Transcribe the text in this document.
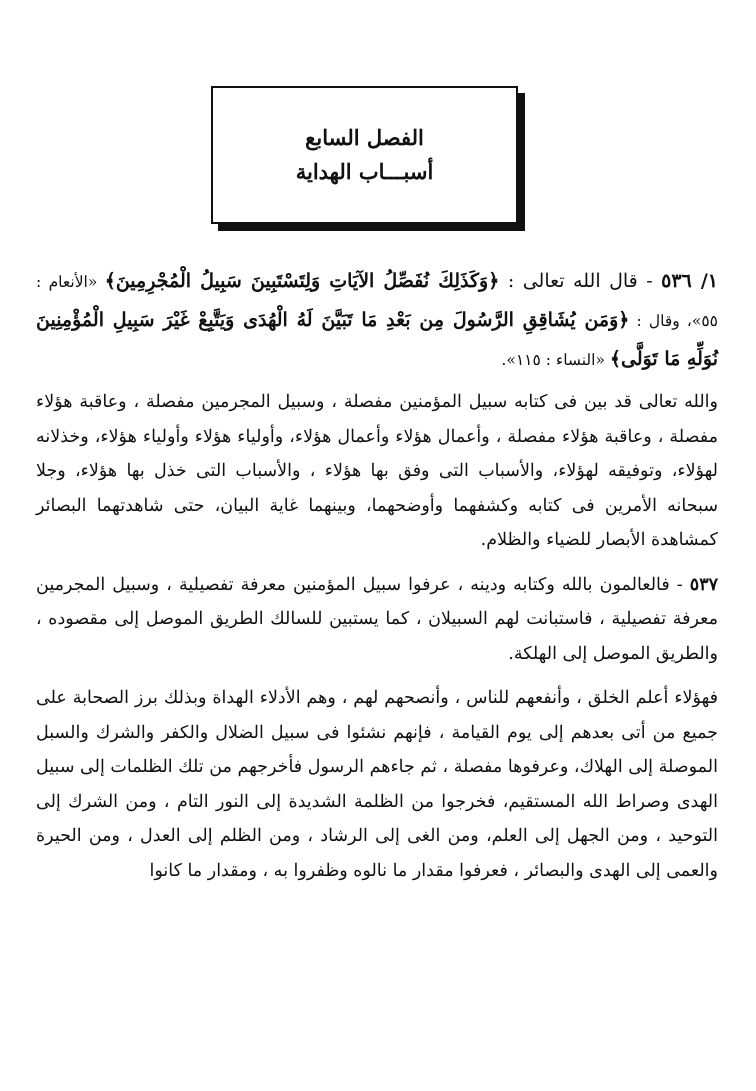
الفصل السابع
أسبـــاب الهداية

١/ ٥٣٦ - قال الله تعالى : ﴿وَكَذَلِكَ نُفَصِّلُ الآيَاتِ وَلِتَسْتَبِينَ سَبِيلُ الْمُجْرِمِينَ﴾ «الأنعام : ٥٥»، وقال : ﴿وَمَن يُشَاقِقِ الرَّسُولَ مِن بَعْدِ مَا تَبَيَّنَ لَهُ الْهُدَى وَيَتَّبِعْ غَيْرَ سَبِيلِ الْمُؤْمِنِينَ نُوَلِّهِ مَا تَوَلَّى﴾ «النساء : ١١٥».

والله تعالى قد بين فى كتابه سبيل المؤمنين مفصلة ، وسبيل المجرمين مفصلة ، وعاقبة هؤلاء مفصلة ، وعاقبة هؤلاء مفصلة ، وأعمال هؤلاء وأعمال هؤلاء، وأولياء هؤلاء وأولياء هؤلاء، وخذلانه لهؤلاء، وتوفيقه لهؤلاء، والأسباب التى وفق بها هؤلاء ، والأسباب التى خذل بها هؤلاء، وجلا سبحانه الأمرين فى كتابه وكشفهما وأوضحهما، وبينهما غاية البيان، حتى شاهدتهما البصائر كمشاهدة الأبصار للضياء والظلام.

٥٣٧ - فالعالمون بالله وكتابه ودينه ، عرفوا سبيل المؤمنين معرفة تفصيلية ، وسبيل المجرمين معرفة تفصيلية ، فاستبانت لهم السبيلان ، كما يستبين للسالك الطريق الموصل إلى مقصوده ، والطريق الموصل إلى الهلكة.

فهؤلاء أعلم الخلق ، وأنفعهم للناس ، وأنصحهم لهم ، وهم الأدلاء الهداة وبذلك برز الصحابة على جميع من أتى بعدهم إلى يوم القيامة ، فإنهم نشئوا فى سبيل الضلال والكفر والشرك والسبل الموصلة إلى الهلاك، وعرفوها مفصلة ، ثم جاءهم الرسول فأخرجهم من تلك الظلمات إلى سبيل الهدى وصراط الله المستقيم، فخرجوا من الظلمة الشديدة إلى النور التام ، ومن الشرك إلى التوحيد ، ومن الجهل إلى العلم، ومن الغى إلى الرشاد ، ومن الظلم إلى العدل ، ومن الحيرة والعمى إلى الهدى والبصائر ، فعرفوا مقدار ما نالوه وظفروا به ، ومقدار ما كانوا
